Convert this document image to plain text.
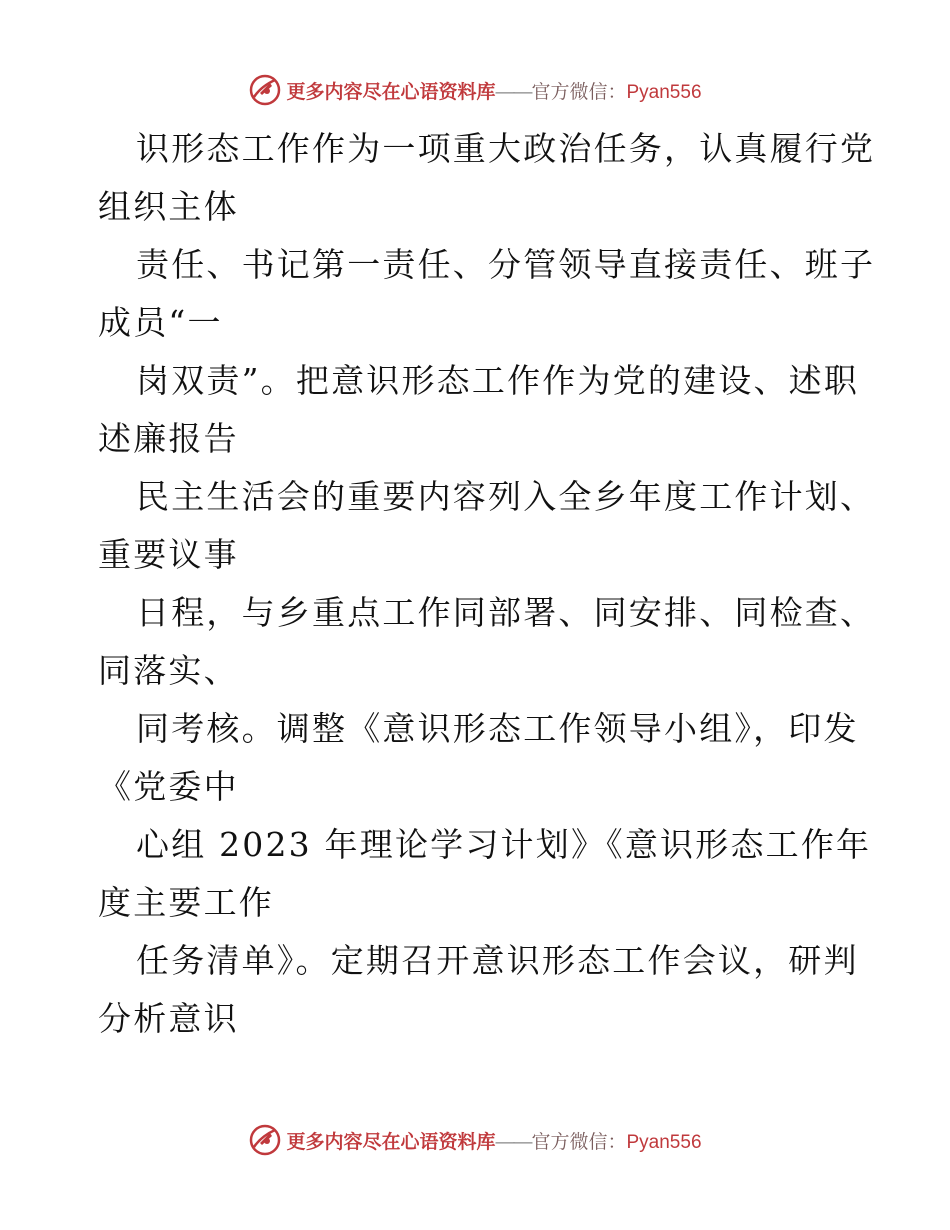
更多内容尽在心语资料库 —— 官方微信： Pyan556
识形态工作作为一项重大政治任务，认真履行党
组织主体
责任、书记第一责任、分管领导直接责任、班子
成员“一
岗双责”。把意识形态工作作为党的建设、述职
述廉报告
民主生活会的重要内容列入全乡年度工作计划、
重要议事
日程，与乡重点工作同部署、同安排、同检查、
同落实、
同考核。调整《意识形态工作领导小组》，印发
《党委中
心组 2023 年理论学习计划》《意识形态工作年
度主要工作
任务清单》。定期召开意识形态工作会议，研判
分析意识
更多内容尽在心语资料库 —— 官方微信： Pyan556
